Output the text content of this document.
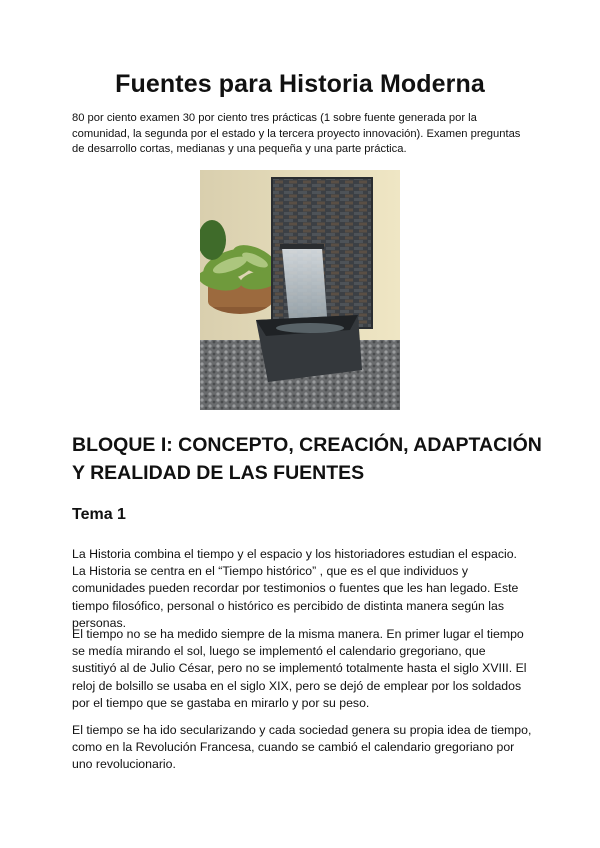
Fuentes para Historia Moderna
80 por ciento examen 30 por ciento tres prácticas (1 sobre fuente generada por la comunidad, la segunda por el estado y la tercera proyecto innovación). Examen preguntas de desarrollo cortas, medianas y una pequeña y una parte práctica.
BLOQUE I: CONCEPTO, CREACIÓN, ADAPTACIÓN Y REALIDAD DE LAS FUENTES
Tema 1
La Historia combina el tiempo y el espacio y los historiadores estudian el espacio. La Historia se centra en el “Tiempo histórico” , que es el que individuos y comunidades pueden recordar por testimonios o fuentes que les han legado. Este tiempo filosófico, personal o histórico es percibido de distinta manera según las personas.
El tiempo no se ha medido siempre de la misma manera. En primer lugar el tiempo se medía mirando el sol, luego se implementó el calendario gregoriano, que sustitiyó al de Julio César, pero no se implementó totalmente hasta el siglo XVIII. El reloj de bolsillo se usaba en el siglo XIX, pero se dejó de emplear por los soldados por el tiempo que se gastaba en mirarlo y por su peso.
El tiempo se ha ido secularizando y cada sociedad genera su propia idea de tiempo, como en la Revolución Francesa, cuando se cambió el calendario gregoriano por uno revolucionario.
